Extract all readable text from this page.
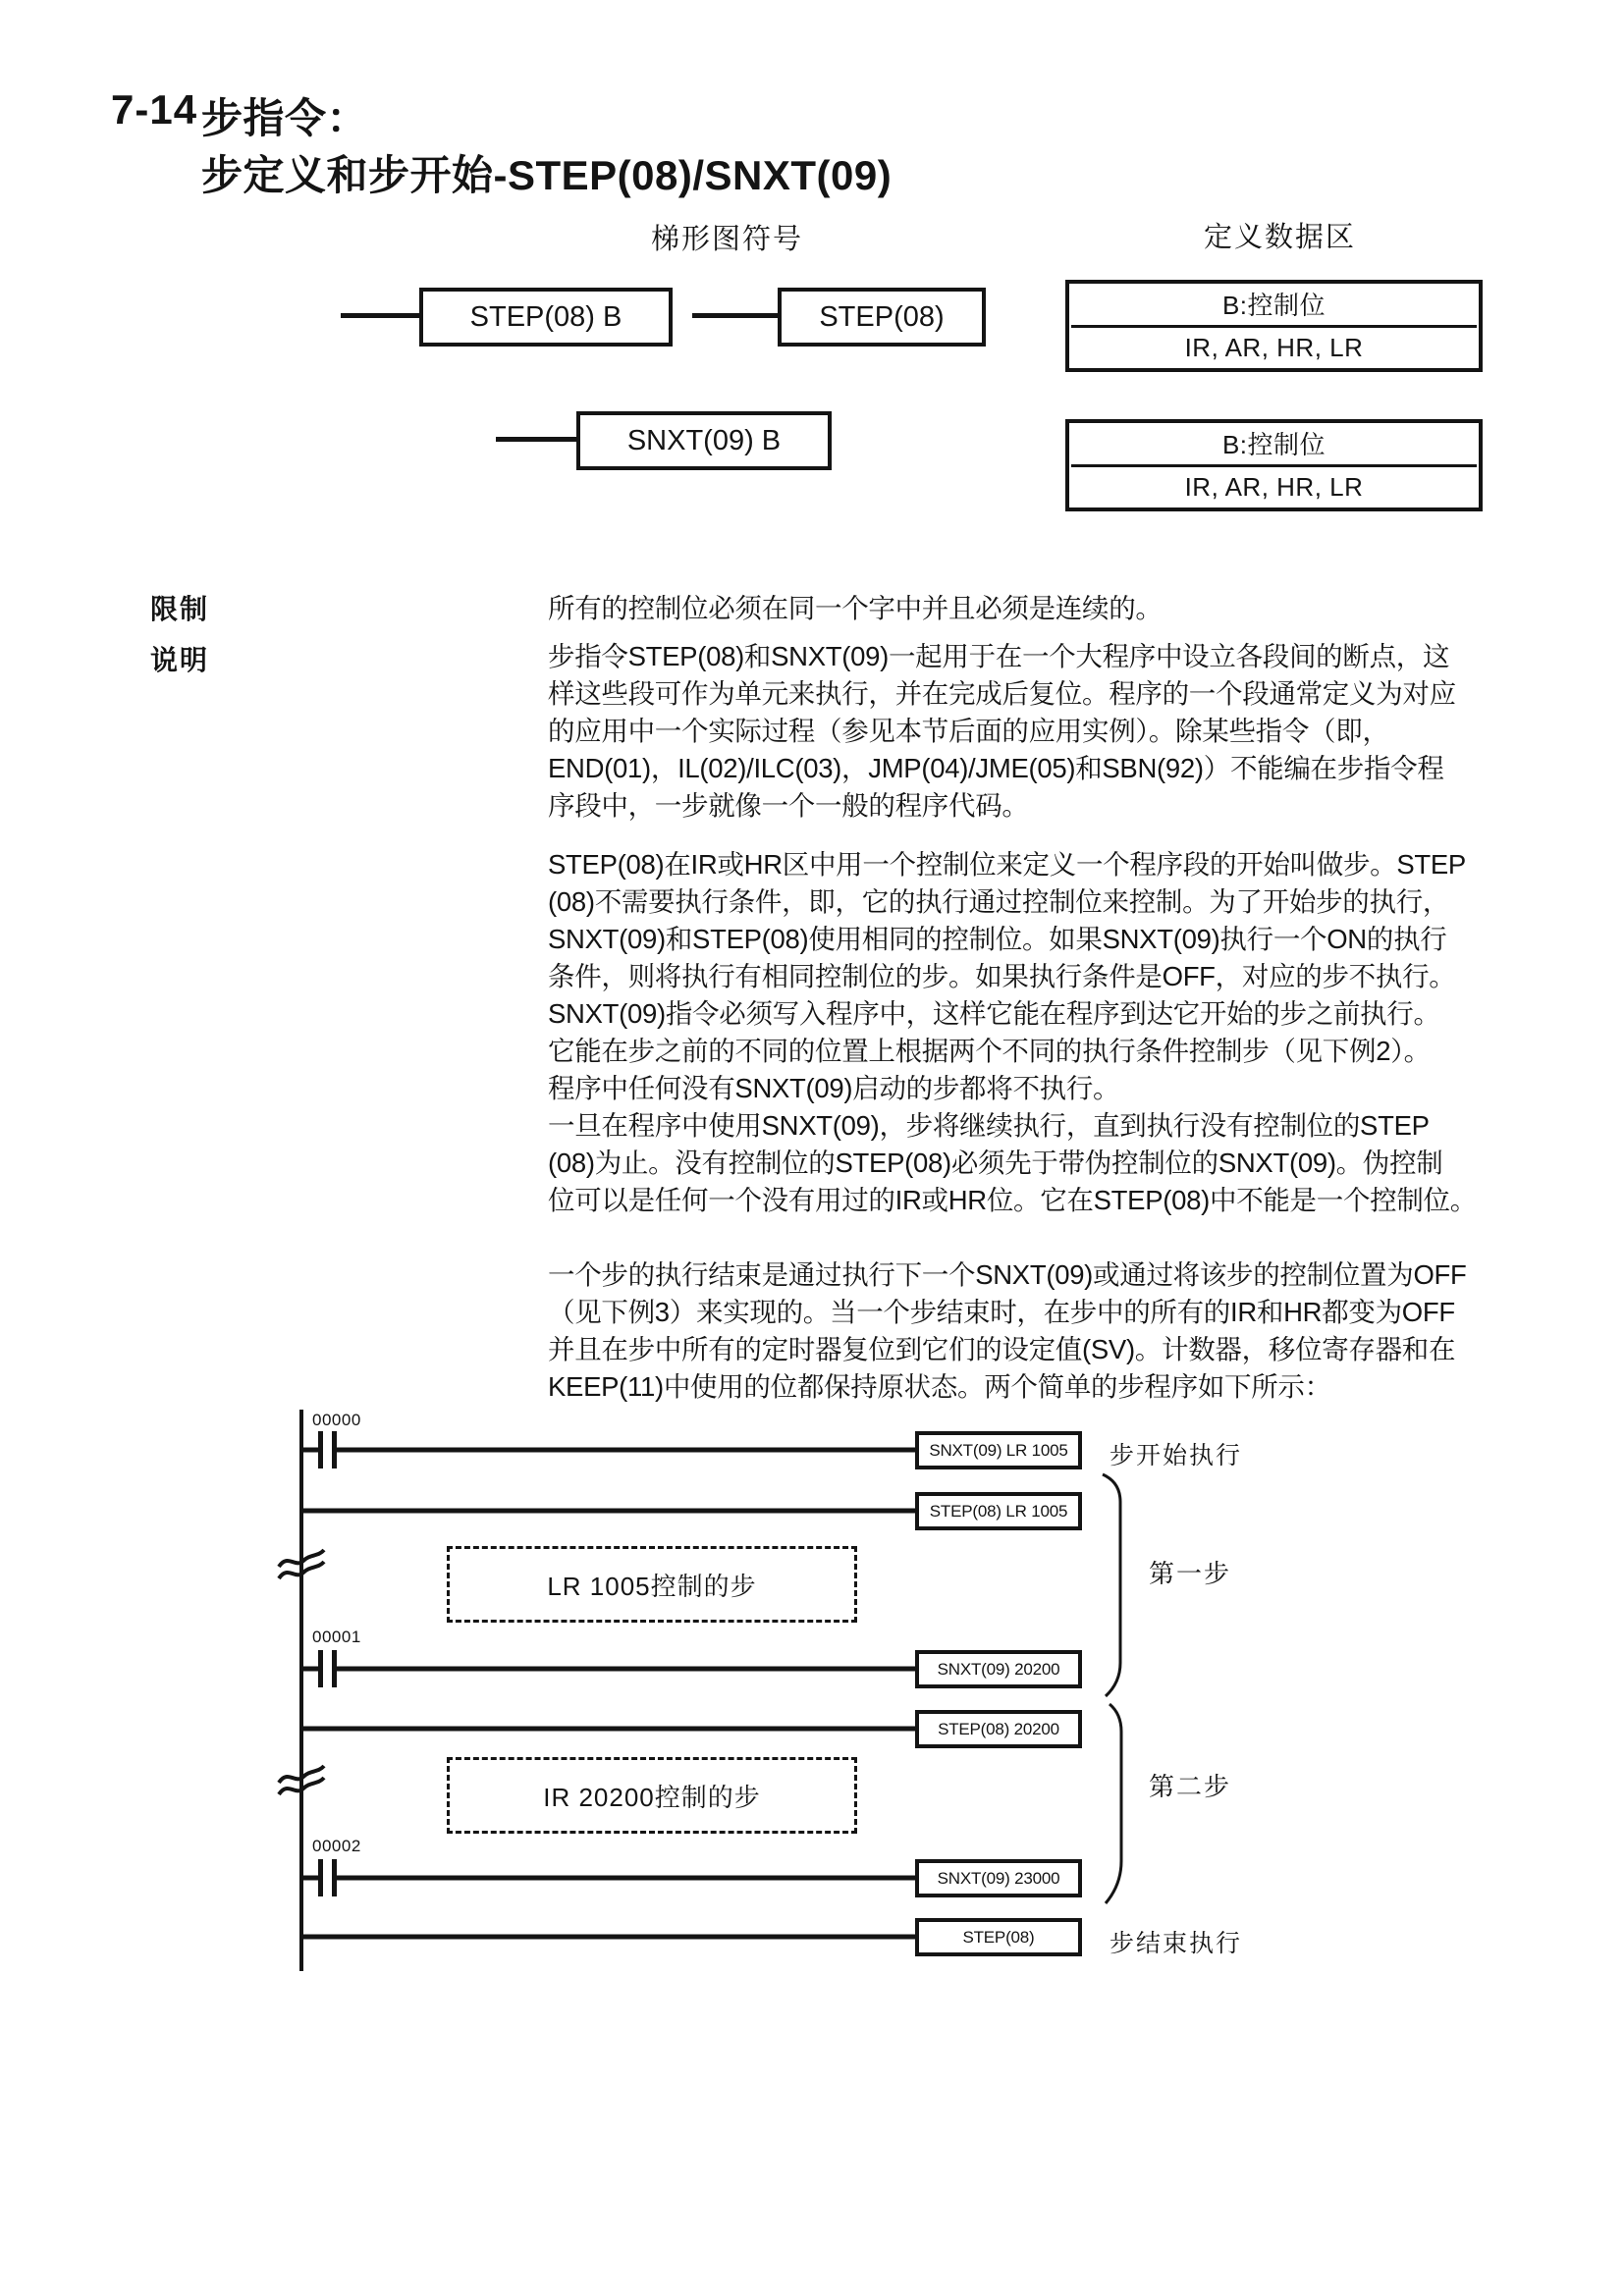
7-14 步指令：
步定义和步开始-STEP(08)/SNXT(09)
梯形图符号	定义数据区
STEP(08) B	STEP(08)
SNXT(09) B
B:控制位
IR, AR, HR, LR
B:控制位
IR, AR, HR, LR
限制
说明
所有的控制位必须在同一个字中并且必须是连续的。
步指令STEP(08)和SNXT(09)一起用于在一个大程序中设立各段间的断点，这
样这些段可作为单元来执行，并在完成后复位。程序的一个段通常定义为对应
的应用中一个实际过程（参见本节后面的应用实例）。除某些指令（即，
END(01)，IL(02)/ILC(03)，JMP(04)/JME(05)和SBN(92)）不能编在步指令程
序段中，一步就像一个一般的程序代码。
STEP(08)在IR或HR区中用一个控制位来定义一个程序段的开始叫做步。STEP
(08)不需要执行条件，即，它的执行通过控制位来控制。为了开始步的执行，
SNXT(09)和STEP(08)使用相同的控制位。如果SNXT(09)执行一个ON的执行
条件，则将执行有相同控制位的步。如果执行条件是OFF，对应的步不执行。
SNXT(09)指令必须写入程序中，这样它能在程序到达它开始的步之前执行。
它能在步之前的不同的位置上根据两个不同的执行条件控制步（见下例2）。
程序中任何没有SNXT(09)启动的步都将不执行。
一旦在程序中使用SNXT(09)，步将继续执行，直到执行没有控制位的STEP
(08)为止。没有控制位的STEP(08)必须先于带伪控制位的SNXT(09)。伪控制
位可以是任何一个没有用过的IR或HR位。它在STEP(08)中不能是一个控制位。
一个步的执行结束是通过执行下一个SNXT(09)或通过将该步的控制位置为OFF
（见下例3）来实现的。当一个步结束时，在步中的所有的IR和HR都变为OFF
并且在步中所有的定时器复位到它们的设定值(SV)。计数器，移位寄存器和在
KEEP(11)中使用的位都保持原状态。两个简单的步程序如下所示：
00000
SNXT(09) LR 1005	步开始执行
STEP(08) LR 1005
LR 1005控制的步	第一步
00001
SNXT(09) 20200
STEP(08) 20200
IR 20200控制的步	第二步
00002
SNXT(09) 23000
STEP(08)	步结束执行
